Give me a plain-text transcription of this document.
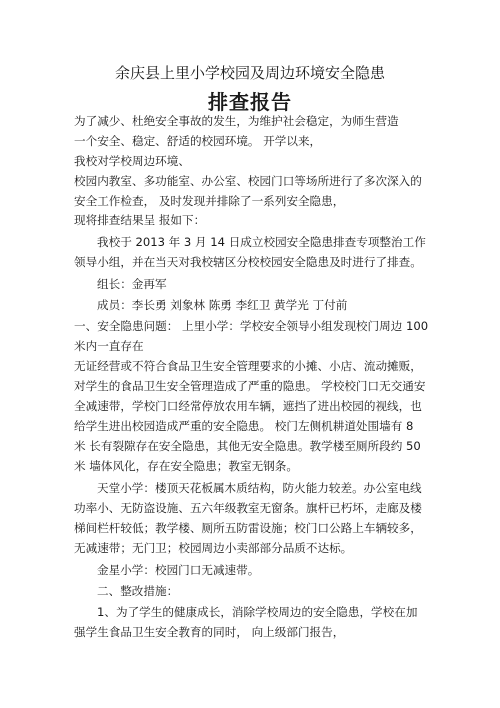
余庆县上里小学校园及周边环境安全隐患
排查报告
为了减少、杜绝安全事故的发生，为维护社会稳定，为师生营造
一个安全、稳定、舒适的校园环境。 开学以来，
我校对学校周边环境、
校园内教室、多功能室、办公室、校园门口等场所进行了多次深入的
安全工作检查， 及时发现并排除了一系列安全隐患，
现将排查结果呈 报如下：
我校于 2013 年 3 月 14 日成立校园安全隐患排查专项整治工作
领导小组，并在当天对我校辖区分校校园安全隐患及时进行了排查。
组长：金再军
成员：李长勇 刘象林 陈勇 李红卫 黄学光 丁付前
一、安全隐患问题： 上里小学：学校安全领导小组发现校门周边 100
米内一直存在
无证经营或不符合食品卫生安全管理要求的小摊、小店、流动摊贩，
对学生的食品卫生安全管理造成了严重的隐患。 学校校门口无交通安
全减速带，学校门口经常停放农用车辆，遮挡了进出校园的视线，也
给学生进出校园造成严重的安全隐患。 校门左侧机耕道处围墙有 8
米 长有裂隙存在安全隐患，其他无安全隐患。教学楼至厕所段约 50
米 墙体风化，存在安全隐患；教室无钢条。
天堂小学：楼顶天花板属木质结构，防火能力较差。办公室电线
功率小、无防盗设施、五六年级教室无窗条。旗杆已朽坏，走廊及楼
梯间栏杆较低；教学楼、厕所五防雷设施；校门口公路上车辆较多，
无减速带；无门卫；校园周边小卖部部分品质不达标。
金星小学：校园门口无减速带。
二、整改措施：
1、为了学生的健康成长，消除学校周边的安全隐患，学校在加
强学生食品卫生安全教育的同时， 向上级部门报告，
